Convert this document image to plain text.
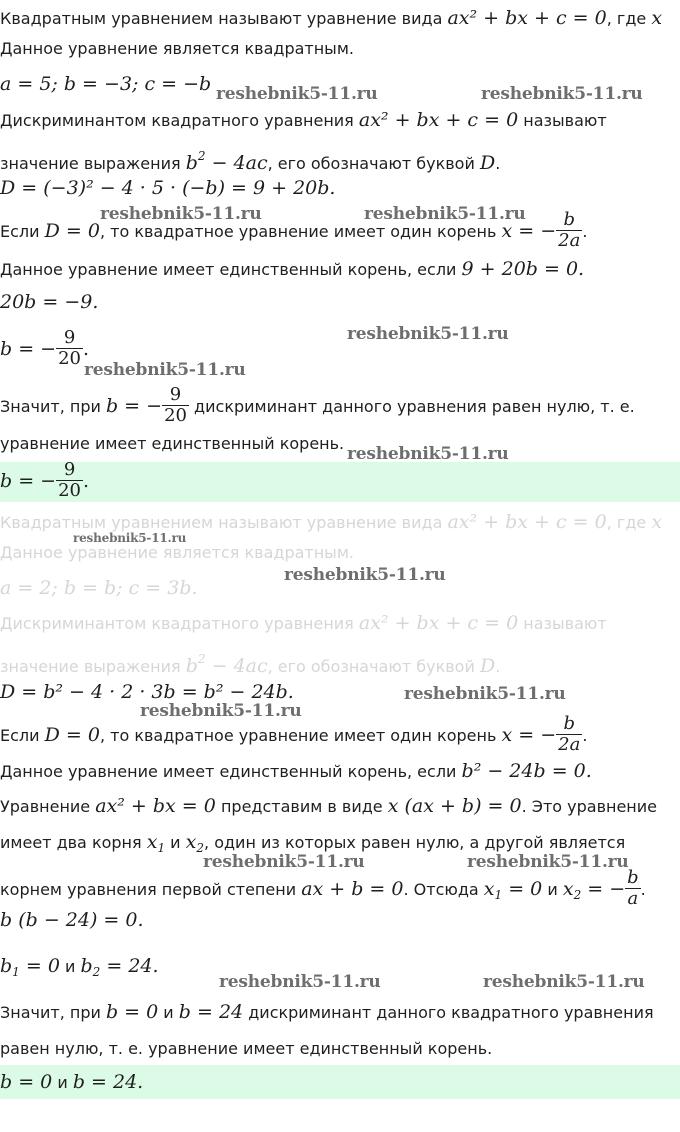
Квадратным уравнением называют уравнение вида ax² + bx + c = 0, где x
Данное уравнение является квадратным.
a = 5; b = −3; c = −b
Дискриминантом квадратного уравнения ax² + bx + c = 0 называют
значение выражения $b^2 - 4ac$, его обозначают буквой D.
D = (−3)² − 4 · 5 · (−b) = 9 + 20b.
Если D = 0, то квадратное уравнение имеет один корень x = − $\frac{b}{2a}$ .
Данное уравнение имеет единственный корень, если 9 + 20b = 0.
20b = −9.
b = − $\frac{9}{20}$ .
Значит, при b = − $\frac{9}{20}$ дискриминант данного уравнения равен нулю, т. е.
уравнение имеет единственный корень.
b = − $\frac{9}{20}$ .
Квадратным уравнением называют уравнение вида ax² + bx + c = 0, где x
Данное уравнение является квадратным.
a = 2; b = b; c = 3b.
Дискриминантом квадратного уравнения ax² + bx + c = 0 называют
значение выражения $b^2 - 4ac$, его обозначают буквой D.
D = b² − 4 · 2 · 3b = b² − 24b.
Если D = 0, то квадратное уравнение имеет один корень x = − $\frac{b}{2a}$ .
Данное уравнение имеет единственный корень, если b² − 24b = 0.
Уравнение ax² + bx = 0 представим в виде x (ax + b) = 0. Это уравнение
имеет два корня $x_1$ и $x_2$, один из которых равен нулю, а другой является
корнем уравнения первой степени ax + b = 0. Отсюда $x_1 = 0$ и $x_2$ = − $\frac{b}{a}$ .
b (b − 24) = 0.
$b_1 = 0$ и $b_2 = 24$.
Значит, при b = 0 и b = 24 дискриминант данного квадратного уравнения
равен нулю, т. е. уравнение имеет единственный корень.
b = 0 и b = 24.
reshebnik5-11.ru	reshebnik5-11.ru
reshebnik5-11.ru	reshebnik5-11.ru
reshebnik5-11.ru
reshebnik5-11.ru
reshebnik5-11.ru
reshebnik5-11.ru
reshebnik5-11.ru
reshebnik5-11.ru
reshebnik5-11.ru
reshebnik5-11.ru	reshebnik5-11.ru
reshebnik5-11.ru	reshebnik5-11.ru
